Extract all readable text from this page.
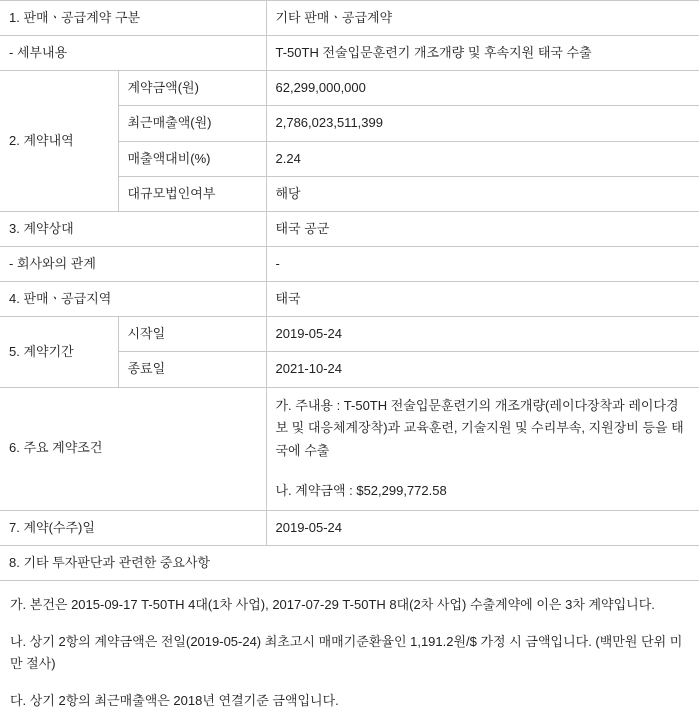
1. 판매ㆍ공급계약 구분		기타 판매ㆍ공급계약
- 세부내용		T-50TH 전술입문훈련기 개조개량 및 후속지원 태국 수출
2. 계약내역	계약금액(원)	62,299,000,000
	최근매출액(원)	2,786,023,511,399
	매출액대비(%)	2.24
	대규모법인여부	해당
3. 계약상대		태국 공군
- 회사와의 관계		-
4. 판매ㆍ공급지역		태국
5. 계약기간	시작일	2019-05-24
	종료일	2021-10-24
6. 주요 계약조건		가. 주내용 : T-50TH 전술입문훈련기의 개조개량(레이다장착과 레이다경보 및 대응체계장착)과 교육훈련, 기술지원 및 수리부속, 지원장비 등을 태국에 수출

나. 계약금액 : $52,299,772.58

7. 계약(수주)일		2019-05-24
8. 기타 투자판단과 관련한 중요사항		

가. 본건은 2015-09-17 T-50TH 4대(1차 사업), 2017-07-29 T-50TH 8대(2차 사업) 수출계약에 이은 3차 계약입니다.

나. 상기 2항의 계약금액은 전일(2019-05-24) 최초고시 매매기준환율인 1,191.2원/$ 가정 시 금액입니다. (백만원 단위 미만 절사)

다. 상기 2항의 최근매출액은 2018년 연결기준 금액입니다.
